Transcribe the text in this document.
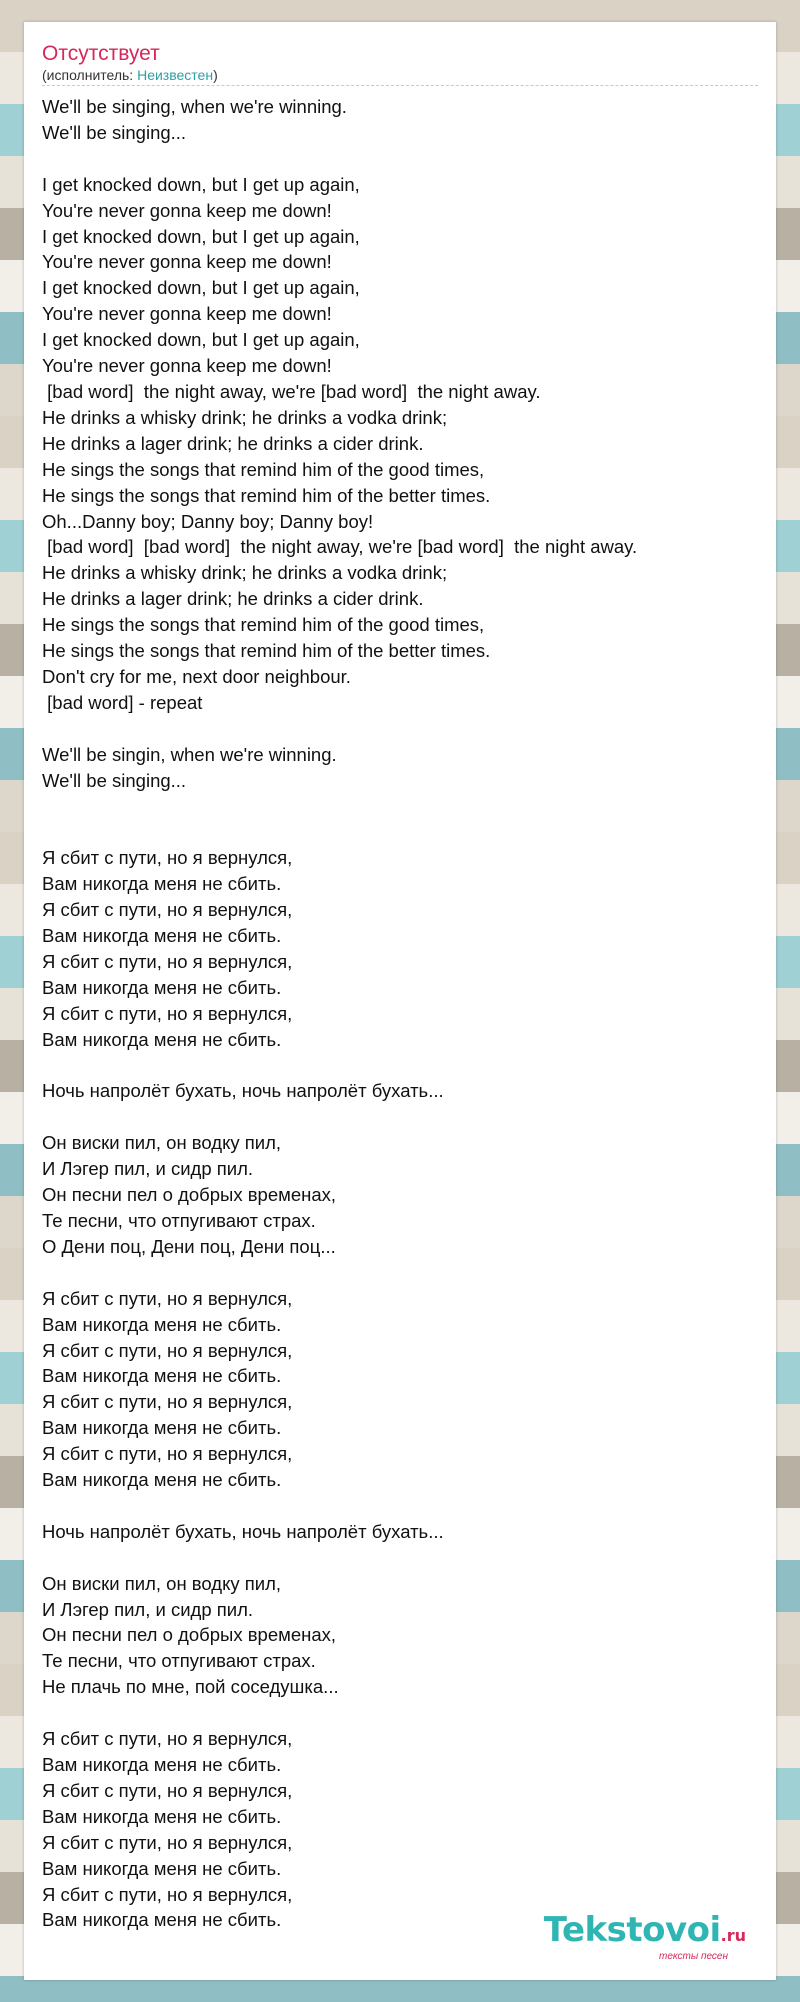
Отсутствует
(исполнитель: Неизвестен)
We'll be singing, when we're winning.
We'll be singing...

I get knocked down, but I get up again,
You're never gonna keep me down!
I get knocked down, but I get up again,
You're never gonna keep me down!
I get knocked down, but I get up again,
You're never gonna keep me down!
I get knocked down, but I get up again,
You're never gonna keep me down!
[bad word]  the night away, we're [bad word]  the night away.
He drinks a whisky drink; he drinks a vodka drink;
He drinks a lager drink; he drinks a cider drink.
He sings the songs that remind him of the good times,
He sings the songs that remind him of the better times.
Oh...Danny boy; Danny boy; Danny boy!
[bad word]  [bad word]  the night away, we're [bad word]  the night away.
He drinks a whisky drink; he drinks a vodka drink;
He drinks a lager drink; he drinks a cider drink.
He sings the songs that remind him of the good times,
He sings the songs that remind him of the better times.
Don't cry for me, next door neighbour.
[bad word] - repeat

We'll be singin, when we're winning.
We'll be singing...

Я сбит с пути, но я вернулся,
Вам никогда меня не сбить.
Я сбит с пути, но я вернулся,
Вам никогда меня не сбить.
Я сбит с пути, но я вернулся,
Вам никогда меня не сбить.
Я сбит с пути, но я вернулся,
Вам никогда меня не сбить.

Ночь напролёт бухать, ночь напролёт бухать...

Он виски пил, он водку пил,
И Лэгер пил, и сидр пил.
Он песни пел о добрых временах,
Те песни, что отпугивают страх.
О Дени поц, Дени поц, Дени поц...

Я сбит с пути, но я вернулся,
Вам никогда меня не сбить.
Я сбит с пути, но я вернулся,
Вам никогда меня не сбить.
Я сбит с пути, но я вернулся,
Вам никогда меня не сбить.
Я сбит с пути, но я вернулся,
Вам никогда меня не сбить.

Ночь напролёт бухать, ночь напролёт бухать...

Он виски пил, он водку пил,
И Лэгер пил, и сидр пил.
Он песни пел о добрых временах,
Те песни, что отпугивают страх.
Не плачь по мне, пой соседушка...

Я сбит с пути, но я вернулся,
Вам никогда меня не сбить.
Я сбит с пути, но я вернулся,
Вам никогда меня не сбить.
Я сбит с пути, но я вернулся,
Вам никогда меня не сбить.
Я сбит с пути, но я вернулся,
Вам никогда меня не сбить.	Tekstovoi.ru
тексты песен
